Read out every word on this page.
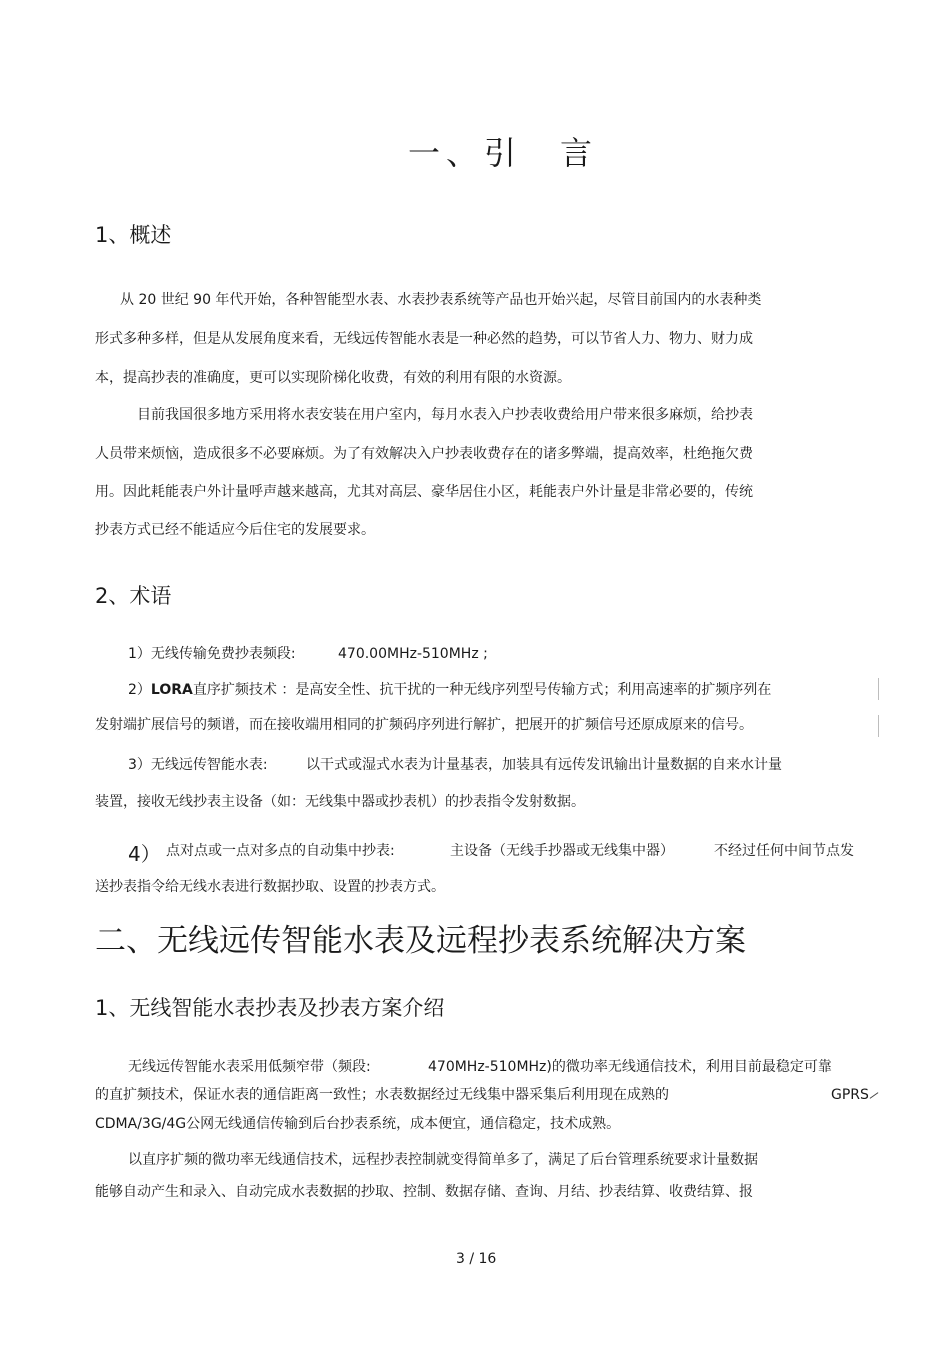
一、引　言
1、概述
从 20 世纪 90 年代开始，各种智能型水表、水表抄表系统等产品也开始兴起，尽管目前国内的水表种类
形式多种多样，但是从发展角度来看，无线远传智能水表是一种必然的趋势，可以节省人力、物力、财力成
本，提高抄表的准确度，更可以实现阶梯化收费，有效的利用有限的水资源。
目前我国很多地方采用将水表安装在用户室内，每月水表入户抄表收费给用户带来很多麻烦，给抄表
人员带来烦恼，造成很多不必要麻烦。为了有效解决入户抄表收费存在的诸多弊端，提高效率，杜绝拖欠费
用。因此耗能表户外计量呼声越来越高，尤其对高层、豪华居住小区，耗能表户外计量是非常必要的，传统
抄表方式已经不能适应今后住宅的发展要求。
2、术语
1）无线传输免费抄表频段:	470.00MHz-510MHz ;
2）LORA直序扩频技术 ：是高安全性、抗干扰的一种无线序列型号传输方式；利用高速率的扩频序列在
发射端扩展信号的频谱，而在接收端用相同的扩频码序列进行解扩，把展开的扩频信号还原成原来的信号。
3）无线远传智能水表:	以干式或湿式水表为计量基表，加装具有远传发讯输出计量数据的自来水计量
装置，接收无线抄表主设备（如：无线集中器或抄表机）的抄表指令发射数据。
4） 点对点或一点对多点的自动集中抄表:	主设备（无线手抄器或无线集中器）	不经过任何中间节点发
送抄表指令给无线水表进行数据抄取、设置的抄表方式。
二、无线远传智能水表及远程抄表系统解决方案
1、无线智能水表抄表及抄表方案介绍
无线远传智能水表采用低频窄带（频段:	470MHz-510MHz)的微功率无线通信技术，利用目前最稳定可靠
的直扩频技术，保证水表的通信距离一致性；水表数据经过无线集中器采集后利用现在成熟的	GPRS
CDMA/3G/4G公网无线通信传输到后台抄表系统，成本便宜，通信稳定，技术成熟。
以直序扩频的微功率无线通信技术，远程抄表控制就变得简单多了，满足了后台管理系统要求计量数据
能够自动产生和录入、自动完成水表数据的抄取、控制、数据存储、查询、月结、抄表结算、收费结算、报
3 / 16
